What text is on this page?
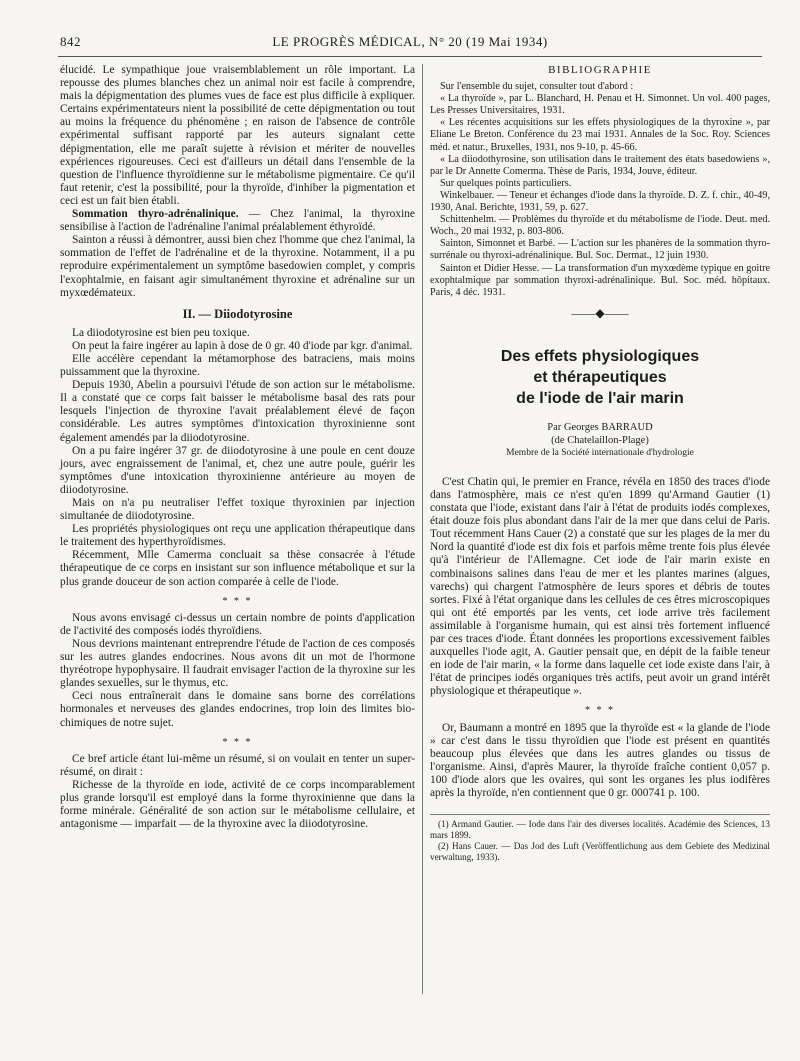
842	LE PROGRÈS MÉDICAL, N° 20 (19 Mai 1934)

élucidé. Le sympathique joue vraisemblablement un rôle important. La repousse des plumes blanches chez un animal noir est facile à comprendre, mais la dépigmentation des plumes vues de face est plus difficile à expliquer. Certains expérimentateurs nient la possibilité de cette dépigmentation ou tout au moins la fréquence du phénomène ; en raison de l'absence de contrôle expérimental suffisant rapporté par les auteurs signalant cette dépigmentation, elle me paraît sujette à révision et mériter de nouvelles expériences rigoureuses. Ceci est d'ailleurs un détail dans l'ensemble de la question de l'influence thyroïdienne sur le métabolisme pigmentaire. Ce qu'il faut retenir, c'est la possibilité, pour la thyroïde, d'inhiber la pigmentation et ceci est un fait bien établi.

Sommation thyro-adrénalinique. — Chez l'animal, la thyroxine sensibilise à l'action de l'adrénaline l'animal préalablement éthyroïdé.

Sainton a réussi à démontrer, aussi bien chez l'homme que chez l'animal, la sommation de l'effet de l'adrénaline et de la thyroxine. Notamment, il a pu reproduire expérimentalement un symptôme basedowien complet, y compris l'exophtalmie, en faisant agir simultanément thyroxine et adrénaline sur un myxœdémateux.

II. — Diiodotyrosine

La diiodotyrosine est bien peu toxique.

On peut la faire ingérer au lapin à dose de 0 gr. 40 d'iode par kgr. d'animal.

Elle accélère cependant la métamorphose des batraciens, mais moins puissamment que la thyroxine.

Depuis 1930, Abelin a poursuivi l'étude de son action sur le métabolisme. Il a constaté que ce corps fait baisser le métabolisme basal des rats pour lesquels l'injection de thyroxine l'avait préalablement élevé de façon considérable. Les autres symptômes d'intoxication thyroxinienne sont également amendés par la diiodotyrosine.

On a pu faire ingérer 37 gr. de diiodotyrosine à une poule en cent douze jours, avec engraissement de l'animal, et, chez une autre poule, guérir les symptômes d'une intoxication thyroxinienne antérieure au moyen de diiodotyrosine.

Mais on n'a pu neutraliser l'effet toxique thyroxinien par injection simultanée de diiodotyrosine.

Les propriétés physiologiques ont reçu une application thérapeutique dans le traitement des hyperthyroïdismes.

Récemment, Mlle Camerma concluait sa thèse consacrée à l'étude thérapeutique de ce corps en insistant sur son influence métabolique et sur la plus grande douceur de son action comparée à celle de l'iode.

* * *

Nous avons envisagé ci-dessus un certain nombre de points d'application de l'activité des composés iodés thyroïdiens.

Nous devrions maintenant entreprendre l'étude de l'action de ces composés sur les autres glandes endocrines. Nous avons dit un mot de l'hormone thyréotrope hypophysaire. Il faudrait envisager l'action de la thyroxine sur les glandes sexuelles, sur le thymus, etc.

Ceci nous entraînerait dans le domaine sans borne des corrélations hormonales et nerveuses des glandes endocrines, trop loin des limites bio-chimiques de notre sujet.

* * *

Ce bref article étant lui-même un résumé, si on voulait en tenter un super-résumé, on dirait :

Richesse de la thyroïde en iode, activité de ce corps incomparablement plus grande lorsqu'il est employé dans la forme thyroxinienne que dans la forme minérale. Généralité de son action sur le métabolisme cellulaire, et antagonisme — imparfait — de la thyroxine avec la diiodotyrosine.

BIBLIOGRAPHIE

Sur l'ensemble du sujet, consulter tout d'abord :

« La thyroïde », par L. Blanchard, H. Penau et H. Simonnet. Un vol. 400 pages, Les Presses Universitaires, 1931.

« Les récentes acquisitions sur les effets physiologiques de la thyroxine », par Eliane Le Breton. Conférence du 23 mai 1931. Annales de la Soc. Roy. Sciences méd. et natur., Bruxelles, 1931, nos 9-10, p. 45-66.

« La diiodothyrosine, son utilisation dans le traitement des états basedowiens », par le Dr Annette Comerma. Thèse de Paris, 1934, Jouve, éditeur.

Sur quelques points particuliers.

Winkelbauer. — Teneur et échanges d'iode dans la thyroïde. D. Z. f. chir., 40-49, 1930, Anal. Berichte, 1931, 59, p. 627.

Schittenhelm. — Problèmes du thyroïde et du métabolisme de l'iode. Deut. med. Woch., 20 mai 1932, p. 803-806.

Sainton, Simonnet et Barbé. — L'action sur les phanères de la sommation thyro-surrénale ou thyroxi-adrénalinique. Bul. Soc. Dermat., 12 juin 1930.

Sainton et Didier Hesse. — La transformation d'un myxœdème typique en goitre exophtalmique par sommation thyroxi-adrénalinique. Bul. Soc. méd. hôpitaux. Paris, 4 déc. 1931.

——◆——
Des effets physiologiques
et thérapeutiques
de l'iode de l'air marin
Par Georges BARRAUD
(de Chatelaillon-Plage)
Membre de la Société internationale d'hydrologie

C'est Chatin qui, le premier en France, révéla en 1850 des traces d'iode dans l'atmosphère, mais ce n'est qu'en 1899 qu'Armand Gautier (1) constata que l'iode, existant dans l'air à l'état de produits iodés complexes, était douze fois plus abondant dans l'air de la mer que dans celui de Paris. Tout récemment Hans Cauer (2) a constaté que sur les plages de la mer du Nord la quantité d'iode est dix fois et parfois même trente fois plus élevée qu'à l'intérieur de l'Allemagne. Cet iode de l'air marin existe en combinaisons salines dans l'eau de mer et les plantes marines (algues, varechs) qui chargent l'atmosphère de leurs spores et débris de toutes sortes. Fixé à l'état organique dans les cellules de ces êtres microscopiques qui ont été emportés par les vents, cet iode arrive très facilement assimilable à l'organisme humain, qui est ainsi très fortement influencé par ces traces d'iode. Étant données les proportions excessivement faibles auxquelles l'iode agit, A. Gautier pensait que, en dépit de la faible teneur en iode de l'air marin, « la forme dans laquelle cet iode existe dans l'air, à l'état de principes iodés organiques très actifs, peut avoir un grand intérêt physiologique et thérapeutique ».

* * *

Or, Baumann a montré en 1895 que la thyroïde est « la glande de l'iode » car c'est dans le tissu thyroïdien que l'iode est présent en quantités beaucoup plus élevées que dans les autres glandes ou tissus de l'organisme. Ainsi, d'après Maurer, la thyroïde fraîche contient 0,057 p. 100 d'iode alors que les ovaires, qui sont les organes les plus iodifères après la thyroïde, n'en contiennent que 0 gr. 000741 p. 100.

(1) Armand Gautier. — Iode dans l'air des diverses localités. Académie des Sciences, 13 mars 1899.

(2) Hans Cauer. — Das Jod des Luft (Veröffentlichung aus dem Gebiete des Medizinal verwaltung, 1933).
